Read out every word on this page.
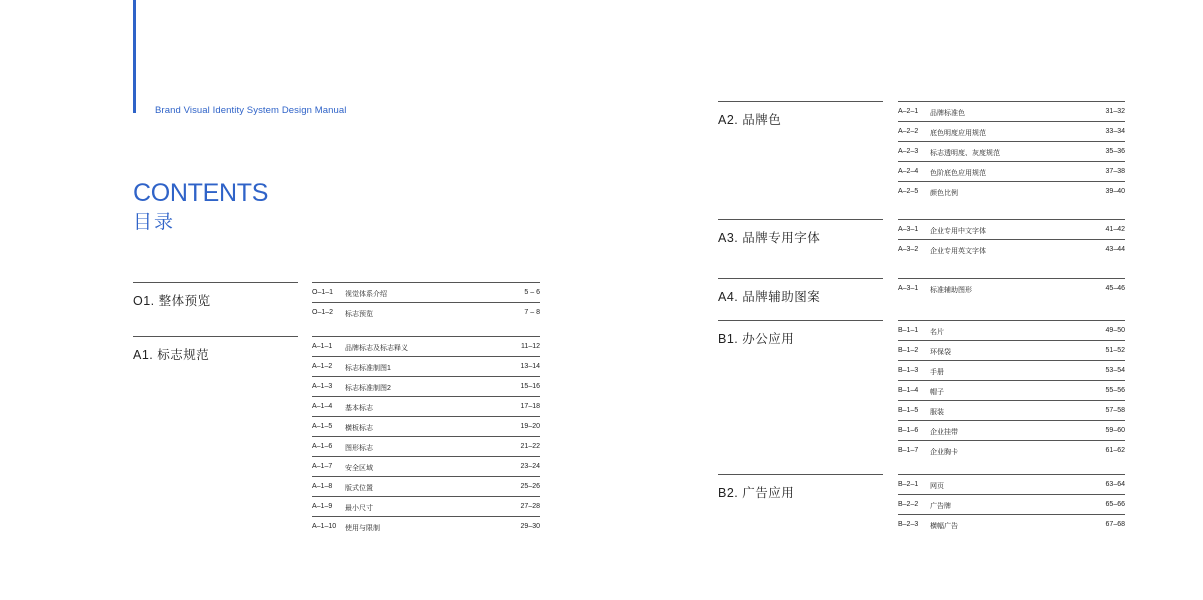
Brand Visual Identity System Design Manual
CONTENTS
目录
O1. 整体预览
A1. 标志规范
A2. 品牌色
A3. 品牌专用字体
A4. 品牌辅助图案
B1. 办公应用
B2. 广告应用
O–1–1 视觉体系介绍	5 – 6
O–1–2 标志预览	7 – 8
A–1–1 品牌标志及标志释义	11–12
A–1–2 标志标准制图1	13–14
A–1–3 标志标准制图2	15–16
A–1–4 基本标志	17–18
A–1–5 横板标志	19–20
A–1–6 图形标志	21–22
A–1–7 安全区域	23–24
A–1–8 版式位置	25–26
A–1–9 最小尺寸	27–28
A–1–10 使用与限制	29–30
A–2–1 品牌标准色	31–32
A–2–2 底色明度应用规范	33–34
A–2–3 标志透明度、灰度规范	35–36
A–2–4 色阶底色应用规范	37–38
A–2–5 颜色比例	39–40
A–3–1 企业专用中文字体	41–42
A–3–2 企业专用英文字体	43–44
A–3–1 标准辅助图形	45–46
B–1–1 名片	49–50
B–1–2 环保袋	51–52
B–1–3 手册	53–54
B–1–4 帽子	55–56
B–1–5 服装	57–58
B–1–6 企业挂带	59–60
B–1–7 企业胸卡	61–62
B–2–1 网页	63–64
B–2–2 广告牌	65–66
B–2–3 横幅广告	67–68
